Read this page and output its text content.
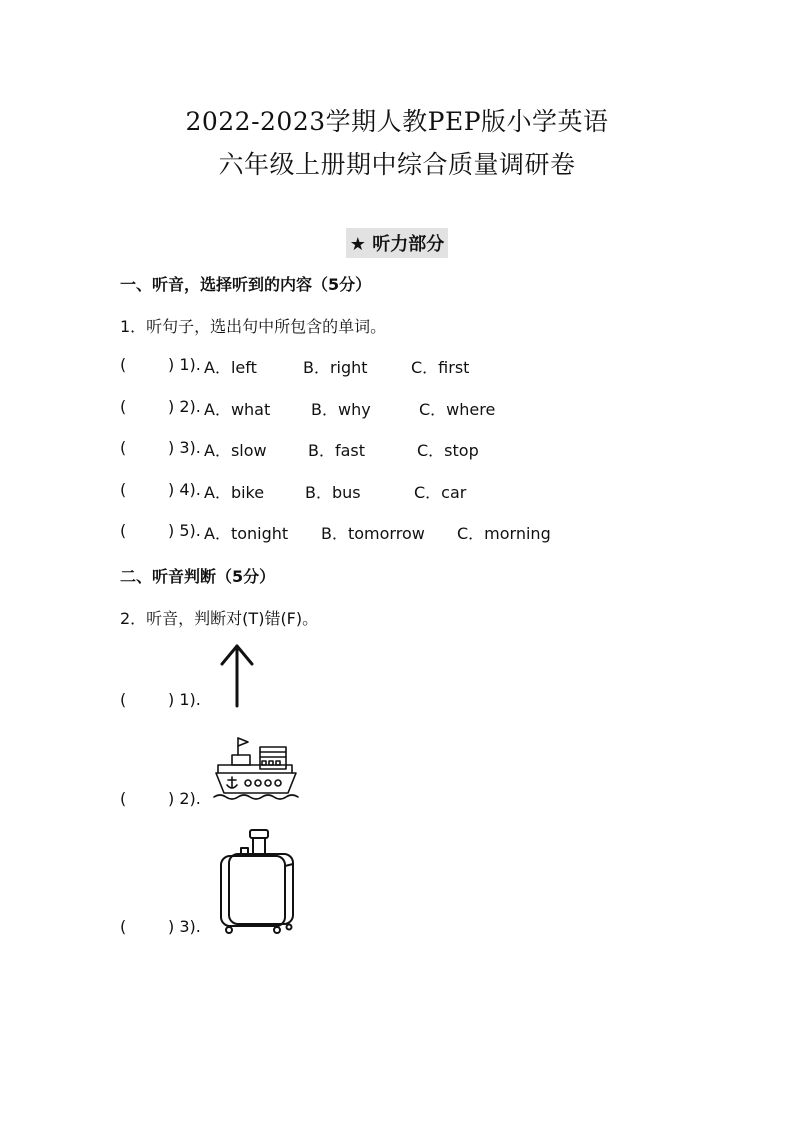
2022-2023学期人教PEP版小学英语
六年级上册期中综合质量调研卷
★ 听力部分
一、听音，选择听到的内容（5分）
1．听句子，选出句中所包含的单词。
(	) 1). A．left	B．right	C．first
(	) 2). A．what	B．why	C．where
(	) 3). A．slow	B．fast	C．stop
(	) 4). A．bike	B．bus	C．car
(	) 5). A．tonight B．tomorrow C．morning
二、听音判断（5分）
2．听音，判断对(T)错(F)。
(	) 1).
(	) 2).
(	) 3).
